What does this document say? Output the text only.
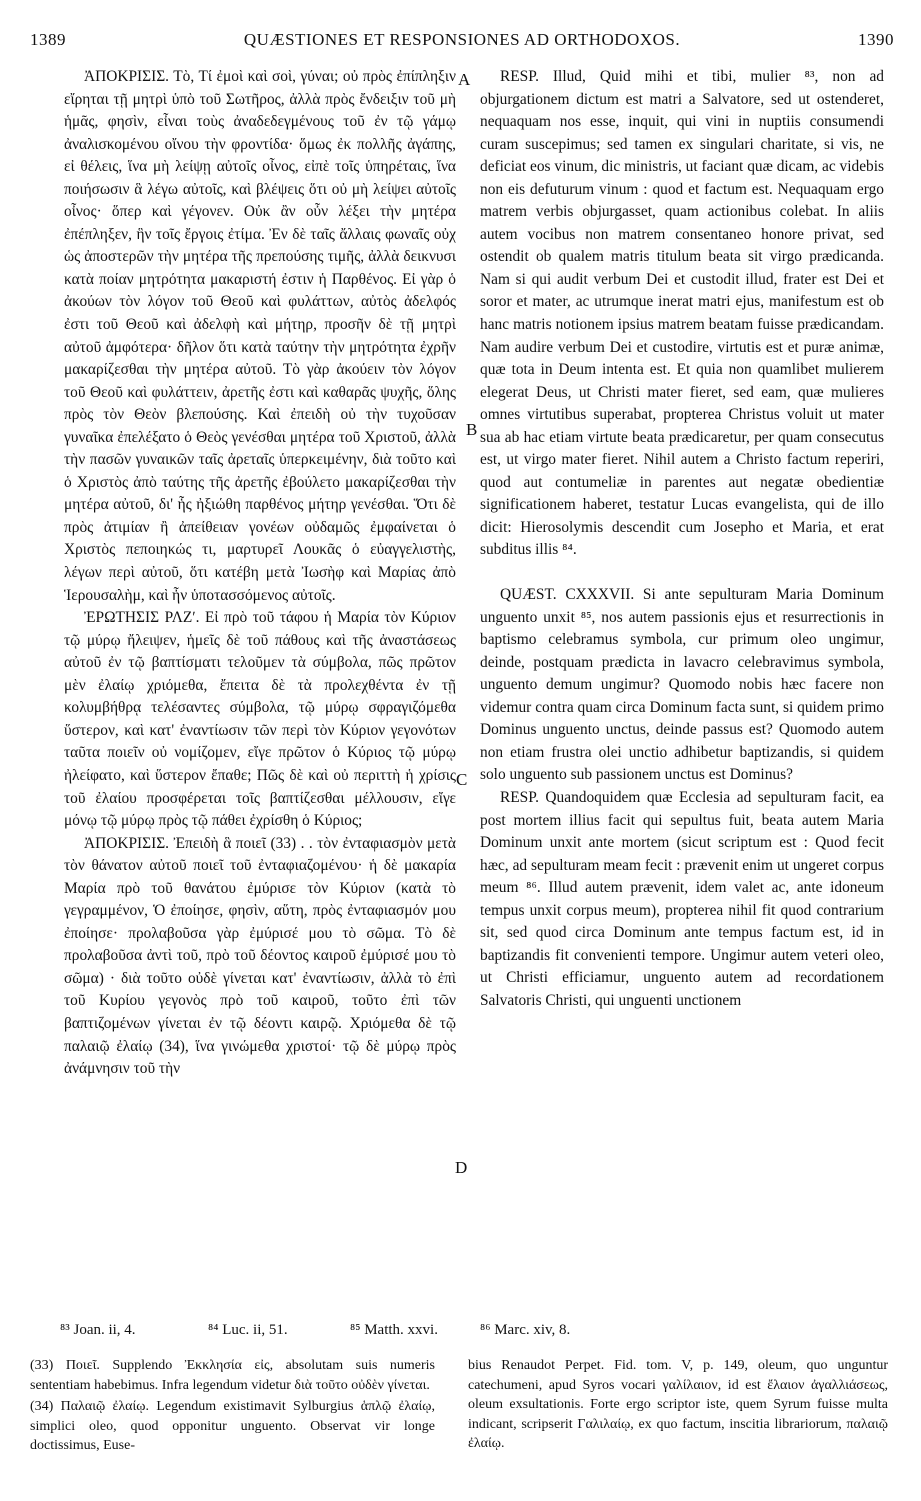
1389	QUÆSTIONES ET RESPONSIONES AD ORTHODOXOS.	1390
A
B
C
D

ἈΠΟΚΡΙΣΙΣ. Τὸ, Τί ἐμοὶ καὶ σοὶ, γύναι; οὐ πρὸς ἐπίπληξιν εἴρηται τῇ μητρὶ ὑπὸ τοῦ Σωτῆρος, ἀλλὰ πρὸς ἔνδειξιν τοῦ μὴ ἡμᾶς, φησὶν, εἶναι τοὺς ἀναδεδεγμένους τοῦ ἐν τῷ γάμῳ ἀναλισκομένου οἴνου τὴν φροντίδα· ὅμως ἐκ πολλῆς ἀγάπης, εἰ θέλεις, ἵνα μὴ λείψῃ αὐτοῖς οἶνος, εἰπὲ τοῖς ὑπηρέταις, ἵνα ποιήσωσιν ἃ λέγω αὐτοῖς, καὶ βλέψεις ὅτι οὐ μὴ λείψει αὐτοῖς οἶνος· ὅπερ καὶ γέγονεν. Οὐκ ἂν οὖν λέξει τὴν μητέρα ἐπέπληξεν, ἣν τοῖς ἔργοις ἐτίμα. Ἐν δὲ ταῖς ἄλλαις φωναῖς οὐχ ὡς ἀποστερῶν τὴν μητέρα τῆς πρεπούσης τιμῆς, ἀλλὰ δεικνυσι κατὰ ποίαν μητρότητα μακαριστή ἐστιν ἡ Παρθένος. Εἰ γὰρ ὁ ἀκούων τὸν λόγον τοῦ Θεοῦ καὶ φυλάττων, αὐτὸς ἀδελφός ἐστι τοῦ Θεοῦ καὶ ἀδελφὴ καὶ μήτηρ, προσῆν δὲ τῇ μητρὶ αὐτοῦ ἀμφότερα· δῆλον ὅτι κατὰ ταύτην τὴν μητρότητα ἐχρῆν μακαρίζεσθαι τὴν μητέρα αὐτοῦ. Τὸ γὰρ ἀκούειν τὸν λόγον τοῦ Θεοῦ καὶ φυλάττειν, ἀρετῆς ἐστι καὶ καθαρᾶς ψυχῆς, ὅλης πρὸς τὸν Θεὸν βλεπούσης. Καὶ ἐπειδὴ οὐ τὴν τυχοῦσαν γυναῖκα ἐπελέξατο ὁ Θεὸς γενέσθαι μητέρα τοῦ Χριστοῦ, ἀλλὰ τὴν πασῶν γυναικῶν ταῖς ἀρεταῖς ὑπερκειμένην, διὰ τοῦτο καὶ ὁ Χριστὸς ἀπὸ ταύτης τῆς ἀρετῆς ἐβούλετο μακαρίζεσθαι τὴν μητέρα αὐτοῦ, δι' ἧς ἠξιώθη παρθένος μήτηρ γενέσθαι. Ὅτι δὲ πρὸς ἀτιμίαν ἢ ἀπείθειαν γονέων οὐδαμῶς ἐμφαίνεται ὁ Χριστὸς πεποιηκώς τι, μαρτυρεῖ Λουκᾶς ὁ εὐαγγελιστὴς, λέγων περὶ αὐτοῦ, ὅτι κατέβη μετὰ Ἰωσὴφ καὶ Μαρίας ἀπὸ Ἱερουσαλὴμ, καὶ ἦν ὑποτασσόμενος αὐτοῖς.

ἘΡΩΤΗΣΙΣ ΡΛΖʹ. Εἰ πρὸ τοῦ τάφου ἡ Μαρία τὸν Κύριον τῷ μύρῳ ἤλειψεν, ἡμεῖς δὲ τοῦ πάθους καὶ τῆς ἀναστάσεως αὐτοῦ ἐν τῷ βαπτίσματι τελοῦμεν τὰ σύμβολα, πῶς πρῶτον μὲν ἐλαίῳ χριόμεθα, ἔπειτα δὲ τὰ προλεχθέντα ἐν τῇ κολυμβήθρᾳ τελέσαντες σύμβολα, τῷ μύρῳ σφραγιζόμεθα ὕστερον, καὶ κατ' ἐναντίωσιν τῶν περὶ τὸν Κύριον γεγονότων ταῦτα ποιεῖν οὐ νομίζομεν, εἴγε πρῶτον ὁ Κύριος τῷ μύρῳ ἠλείφατο, καὶ ὕστερον ἔπαθε; Πῶς δὲ καὶ οὐ περιττὴ ἡ χρίσις τοῦ ἐλαίου προσφέρεται τοῖς βαπτίζεσθαι μέλλουσιν, εἴγε μόνῳ τῷ μύρῳ πρὸς τῷ πάθει ἐχρίσθη ὁ Κύριος;

ἈΠΟΚΡΙΣΙΣ. Ἐπειδὴ ἃ ποιεῖ (33) . . τὸν ἐνταφιασμὸν μετὰ τὸν θάνατον αὐτοῦ ποιεῖ τοῦ ἐνταφιαζομένου· ἡ δὲ μακαρία Μαρία πρὸ τοῦ θανάτου ἐμύρισε τὸν Κύριον (κατὰ τὸ γεγραμμένον, Ὁ ἐποίησε, φησὶν, αὕτη, πρὸς ἐνταφιασμόν μου ἐποίησε· προλαβοῦσα γὰρ ἐμύρισέ μου τὸ σῶμα. Τὸ δὲ προλαβοῦσα ἀντὶ τοῦ, πρὸ τοῦ δέοντος καιροῦ ἐμύρισέ μου τὸ σῶμα) · διὰ τοῦτο οὐδὲ γίνεται κατ' ἐναντίωσιν, ἀλλὰ τὸ ἐπὶ τοῦ Κυρίου γεγονὸς πρὸ τοῦ καιροῦ, τοῦτο ἐπὶ τῶν βαπτιζομένων γίνεται ἐν τῷ δέοντι καιρῷ. Χριόμεθα δὲ τῷ παλαιῷ ἐλαίῳ (34), ἵνα γινώμεθα χριστοί· τῷ δὲ μύρῳ πρὸς ἀνάμνησιν τοῦ τὴν

RESP. Illud, Quid mihi et tibi, mulier ⁸³, non ad objurgationem dictum est matri a Salvatore, sed ut ostenderet, nequaquam nos esse, inquit, qui vini in nuptiis consumendi curam suscepimus; sed tamen ex singulari charitate, si vis, ne deficiat eos vinum, dic ministris, ut faciant quæ dicam, ac videbis non eis defuturum vinum : quod et factum est. Nequaquam ergo matrem verbis objurgasset, quam actionibus colebat. In aliis autem vocibus non matrem consentaneo honore privat, sed ostendit ob qualem matris titulum beata sit virgo prædicanda. Nam si qui audit verbum Dei et custodit illud, frater est Dei et soror et mater, ac utrumque inerat matri ejus, manifestum est ob hanc matris notionem ipsius matrem beatam fuisse prædicandam. Nam audire verbum Dei et custodire, virtutis est et puræ animæ, quæ tota in Deum intenta est. Et quia non quamlibet mulierem elegerat Deus, ut Christi mater fieret, sed eam, quæ mulieres omnes virtutibus superabat, propterea Christus voluit ut mater sua ab hac etiam virtute beata prædicaretur, per quam consecutus est, ut virgo mater fieret. Nihil autem a Christo factum reperiri, quod aut contumeliæ in parentes aut negatæ obedientiæ significationem haberet, testatur Lucas evangelista, qui de illo dicit: Hierosolymis descendit cum Josepho et Maria, et erat subditus illis ⁸⁴.

QUÆST. CXXXVII. Si ante sepulturam Maria Dominum unguento unxit ⁸⁵, nos autem passionis ejus et resurrectionis in baptismo celebramus symbola, cur primum oleo ungimur, deinde, postquam prædicta in lavacro celebravimus symbola, unguento demum ungimur? Quomodo nobis hæc facere non videmur contra quam circa Dominum facta sunt, si quidem primo Dominus unguento unctus, deinde passus est? Quomodo autem non etiam frustra olei unctio adhibetur baptizandis, si quidem solo unguento sub passionem unctus est Dominus?

RESP. Quandoquidem quæ Ecclesia ad sepulturam facit, ea post mortem illius facit qui sepultus fuit, beata autem Maria Dominum unxit ante mortem (sicut scriptum est : Quod fecit hæc, ad sepulturam meam fecit : prævenit enim ut ungeret corpus meum ⁸⁶. Illud autem prævenit, idem valet ac, ante idoneum tempus unxit corpus meum), propterea nihil fit quod contrarium sit, sed quod circa Dominum ante tempus factum est, id in baptizandis fit convenienti tempore. Ungimur autem veteri oleo, ut Christi efficiamur, unguento autem ad recordationem Salvatoris Christi, qui unguenti unctionem

⁸³ Joan. ii, 4.	⁸⁴ Luc. ii, 51.	⁸⁵ Matth. xxvi.	⁸⁶ Marc. xiv, 8.

(33) Ποιεῖ. Supplendo Ἐκκλησία εἰς, absolutam suis numeris sententiam habebimus. Infra legendum videtur διὰ τοῦτο οὐδὲν γίνεται.

(34) Παλαιῷ ἐλαίῳ. Legendum existimavit Sylburgius ἁπλῷ ἐλαίῳ, simplici oleo, quod opponitur unguento. Observat vir longe doctissimus, Euse-

bius Renaudot Perpet. Fid. tom. V, p. 149, oleum, quo unguntur catechumeni, apud Syros vocari γαλίλαιον, id est ἔλαιον ἀγαλλιάσεως, oleum exsultationis. Forte ergo scriptor iste, quem Syrum fuisse multa indicant, scripserit Γαλιλαίῳ, ex quo factum, inscitia librariorum, παλαιῷ ἐλαίῳ.
